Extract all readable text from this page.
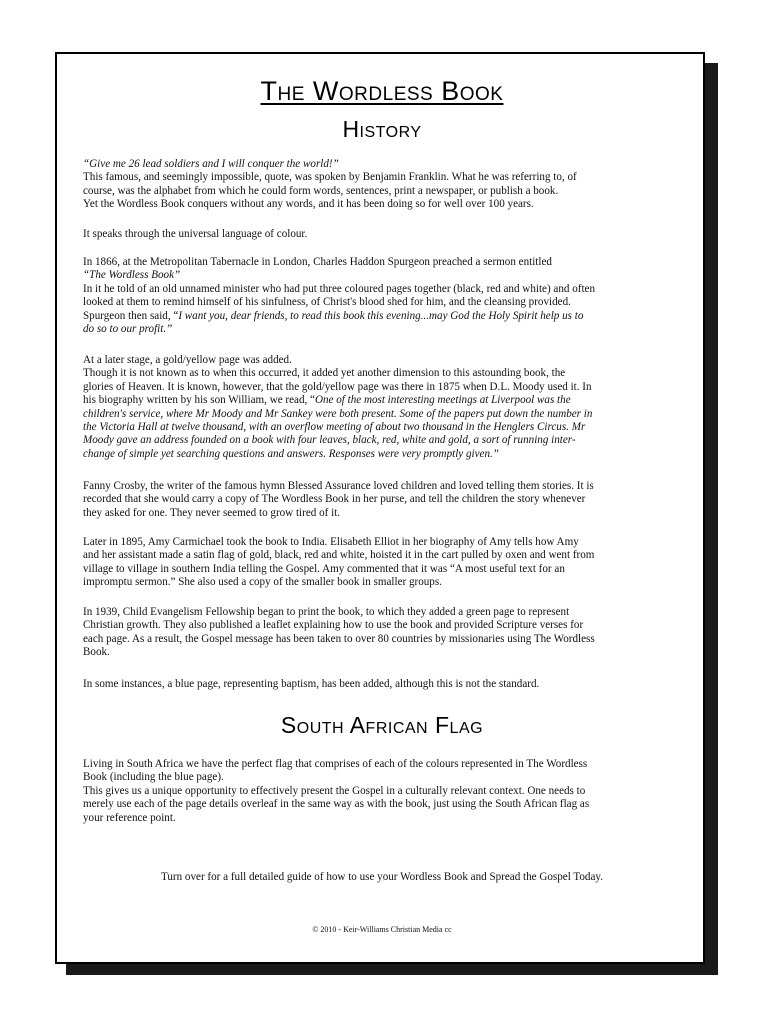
The Wordless Book
History
“Give me 26 lead soldiers and I will conquer the world!”
This famous, and seemingly impossible, quote, was spoken by Benjamin Franklin. What he was referring to, of
course, was the alphabet from which he could form words, sentences, print a newspaper, or publish a book.
Yet the Wordless Book conquers without any words, and it has been doing so for well over 100 years.
It speaks through the universal language of colour.
In 1866, at the Metropolitan Tabernacle in London, Charles Haddon Spurgeon preached a sermon entitled
“The Wordless Book”
In it he told of an old unnamed minister who had put three coloured pages together (black, red and white) and often
looked at them to remind himself of his sinfulness, of Christ's blood shed for him, and the cleansing provided.
Spurgeon then said, “I want you, dear friends, to read this book this evening...may God the Holy Spirit help us to
do so to our profit.”
At a later stage, a gold/yellow page was added.
Though it is not known as to when this occurred, it added yet another dimension to this astounding book, the
glories of Heaven. It is known, however, that the gold/yellow page was there in 1875 when D.L. Moody used it. In
his biography written by his son William, we read, “One of the most interesting meetings at Liverpool was the
children's service, where Mr Moody and Mr Sankey were both present. Some of the papers put down the number in
the Victoria Hall at twelve thousand, with an overflow meeting of about two thousand in the Henglers Circus. Mr
Moody gave an address founded on a book with four leaves, black, red, white and gold, a sort of running inter-
change of simple yet searching questions and answers. Responses were very promptly given.”
Fanny Crosby, the writer of the famous hymn Blessed Assurance loved children and loved telling them stories. It is
recorded that she would carry a copy of The Wordless Book in her purse, and tell the children the story whenever
they asked for one. They never seemed to grow tired of it.
Later in 1895, Amy Carmichael took the book to India. Elisabeth Elliot in her biography of Amy tells how Amy
and her assistant made a satin flag of gold, black, red and white, hoisted it in the cart pulled by oxen and went from
village to village in southern India telling the Gospel. Amy commented that it was “A most useful text for an
impromptu sermon.” She also used a copy of the smaller book in smaller groups.
In 1939, Child Evangelism Fellowship began to print the book, to which they added a green page to represent
Christian growth. They also published a leaflet explaining how to use the book and provided Scripture verses for
each page. As a result, the Gospel message has been taken to over 80 countries by missionaries using The Wordless
Book.
In some instances, a blue page, representing baptism, has been added, although this is not the standard.
South African Flag
Living in South Africa we have the perfect flag that comprises of each of the colours represented in The Wordless
Book (including the blue page).
This gives us a unique opportunity to effectively present the Gospel in a culturally relevant context. One needs to
merely use each of the page details overleaf in the same way as with the book, just using the South African flag as
your reference point.
Turn over for a full detailed guide of how to use your Wordless Book and Spread the Gospel Today.
© 2010 - Keir-Williams Christian Media cc
